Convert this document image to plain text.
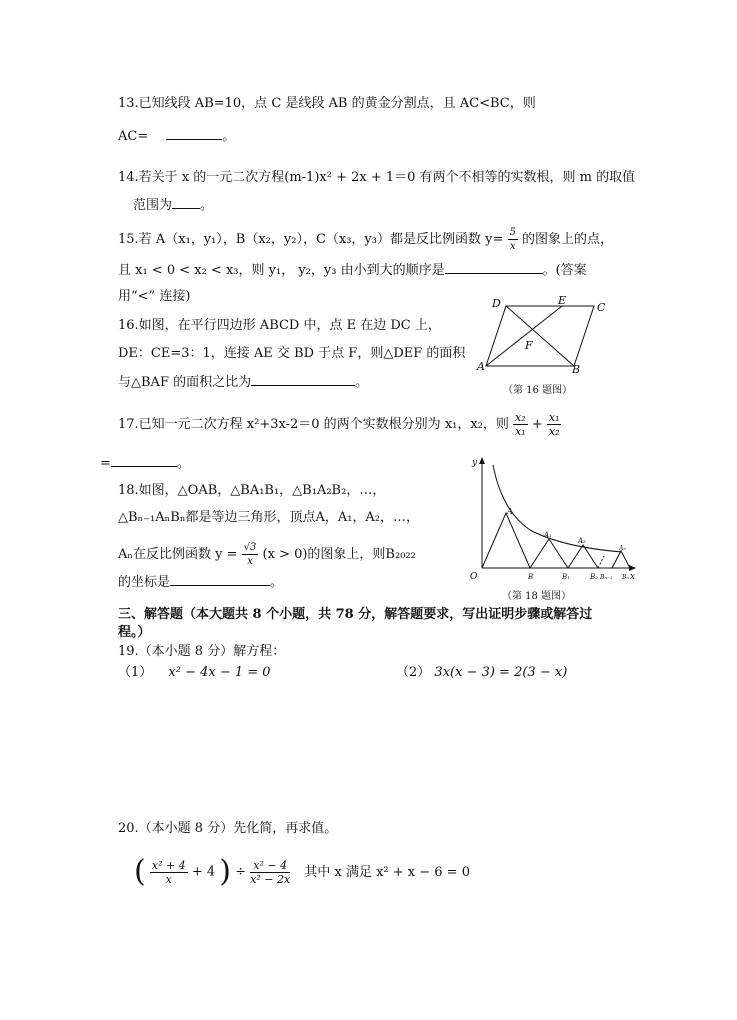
13.已知线段 AB=10，点 C 是线段 AB 的黄金分割点，且 AC<BC，则
AC=	。
14.若关于 x 的一元二次方程(m-1)x² + 2x + 1＝0 有两个不相等的实数根，则 m 的取值
范围为 。
15.若 A（x₁，y₁），B（x₂，y₂），C（x₃，y₃）都是反比例函数 $y= \frac{5}{x}$ 的图象上的点，
且 x₁ < 0 < x₂ < x₃，则 y₁， y₂，y₃ 由小到大的顺序是	。(答案
用“<” 连接)
16.如图，在平行四边形 ABCD 中，点 E 在边 DC 上，
DE：CE=3：1，连接 AE 交 BD 于点 F，则△DEF 的面积
与△BAF 的面积之比为	。
D	E
C
F
A	B
（第 16 题图）
17.已知一元二次方程 x²+3x-2＝0 的两个实数根分别为 x₁，x₂，则 $\frac{\text{x₂}}{\text{x₁}} + \frac{\text{x₁}}{\text{x₂}}$
=	。
18.如图，△OAB，△BA₁B₁，△B₁A₂B₂，…，
△Bₙ₋₁AₙBₙ都是等边三角形，顶点A，A₁，A₂，…，
Aₙ在反比例函数 $y = \frac{√3}{x} (x > 0)$的图象上，则B₂₀₂₂
的坐标是	。
y
O
A
B
A₁
B₁
A₂
B₂ Bₙ₋₁
Aₙ
Bₙ x
（第 18 题图）
三、解答题（本大题共 8 个小题，共 78 分，解答题要求，写出证明步骤或解答过
程。）
19.（本小题 8 分）解方程：
（1） x² − 4x − 1 = 0	（2） 3x(x − 3) = 2(3 − x)
20.（本小题 8 分）先化简，再求值。
( $\frac{\text{x² + 4}}{x} + 4$ ) ÷ $\frac{\text{x² − 4}}{\text{x² − 2x}}$ 其中 x 满足 x² + x − 6 = 0
